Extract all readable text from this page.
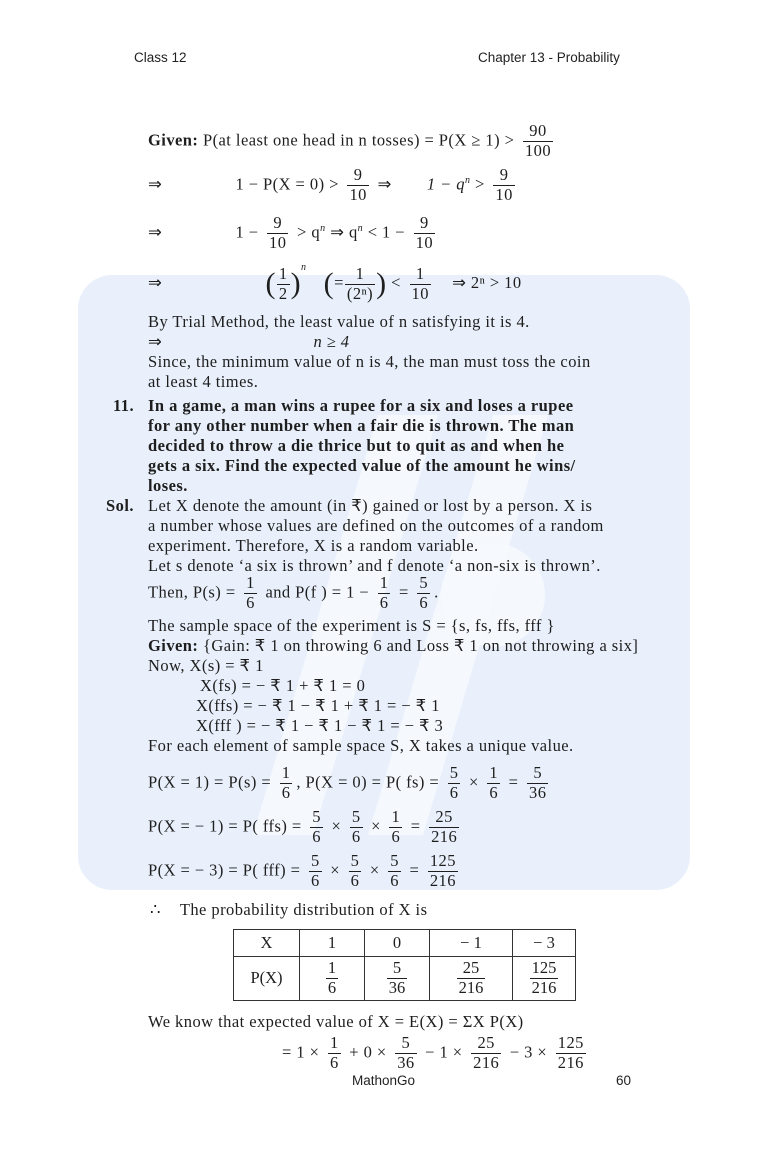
Class 12	Chapter 13 - Probability
Given: P(at least one head in n tosses) = $P(X \ge 1) > \frac{90}{100}$
⇒	$1 - P(X = 0) > \frac{9}{10}$ ⇒ $1 - q^n > \frac{9}{10}$
⇒	$1 - \frac{9}{10} > q^n$ ⇒ $q^n < 1 - \frac{9}{10}$
⇒	( $\frac{1}{2} )^n$ (= $\frac{1}{\text{(2ⁿ)}}$ ) < $\frac{1}{10}$ ⇒ 2ⁿ > 10
By Trial Method, the least value of n satisfying it is 4.
⇒	n ≥ 4
Since, the minimum value of n is 4, the man must toss the coin
at least 4 times.
11. In a game, a man wins a rupee for a six and loses a rupee
for any other number when a fair die is thrown. The man
decided to throw a die thrice but to quit as and when he
gets a six. Find the expected value of the amount he wins/
loses.
Sol. Let X denote the amount (in ₹) gained or lost by a person. X is
a number whose values are defined on the outcomes of a random
experiment. Therefore, X is a random variable.
Let s denote ‘a six is thrown’ and f denote ‘a non-six is thrown’.
Then, $P(s) = \frac{1}{6}$ and P(f ) = $1 - \frac{1}{6} = \frac{5}{6}$ .
The sample space of the experiment is S = {s, fs, ffs, fff }
Given: {Gain: ₹ 1 on throwing 6 and Loss ₹ 1 on not throwing a six]
Now, X(s) = ₹ 1
X(fs) = − ₹ 1 + ₹ 1 = 0
X(ffs) = − ₹ 1 − ₹ 1 + ₹ 1 = − ₹ 1
X(fff ) = − ₹ 1 − ₹ 1 − ₹ 1 = − ₹ 3
For each element of sample space S, X takes a unique value.
$P(X = 1) = P(s) = \frac{1}{6}$ , P(X = 0) = P( $fs) = \frac{5}{6} \times \frac{1}{6} = \frac{5}{36}$
P(X = − 1) = P( $ffs) = \frac{5}{6} \times \frac{5}{6} \times \frac{1}{6} = \frac{25}{216}$
P(X = − 3) = P( $fff) = \frac{5}{6} \times \frac{5}{6} \times \frac{5}{6} = \frac{125}{216}$
∴ The probability distribution of X is
X	1	0	− 1	− 3
P(X)	$\frac{1}{6}$	$\frac{5}{36}$	$\frac{25}{216}$	$\frac{125}{216}$
We know that expected value of X = E(X) = ΣX P(X)
= $1 \times \frac{1}{6} + 0 \times \frac{5}{36} - 1 \times \frac{25}{216} - 3 \times \frac{125}{216}$
MathonGo	60
